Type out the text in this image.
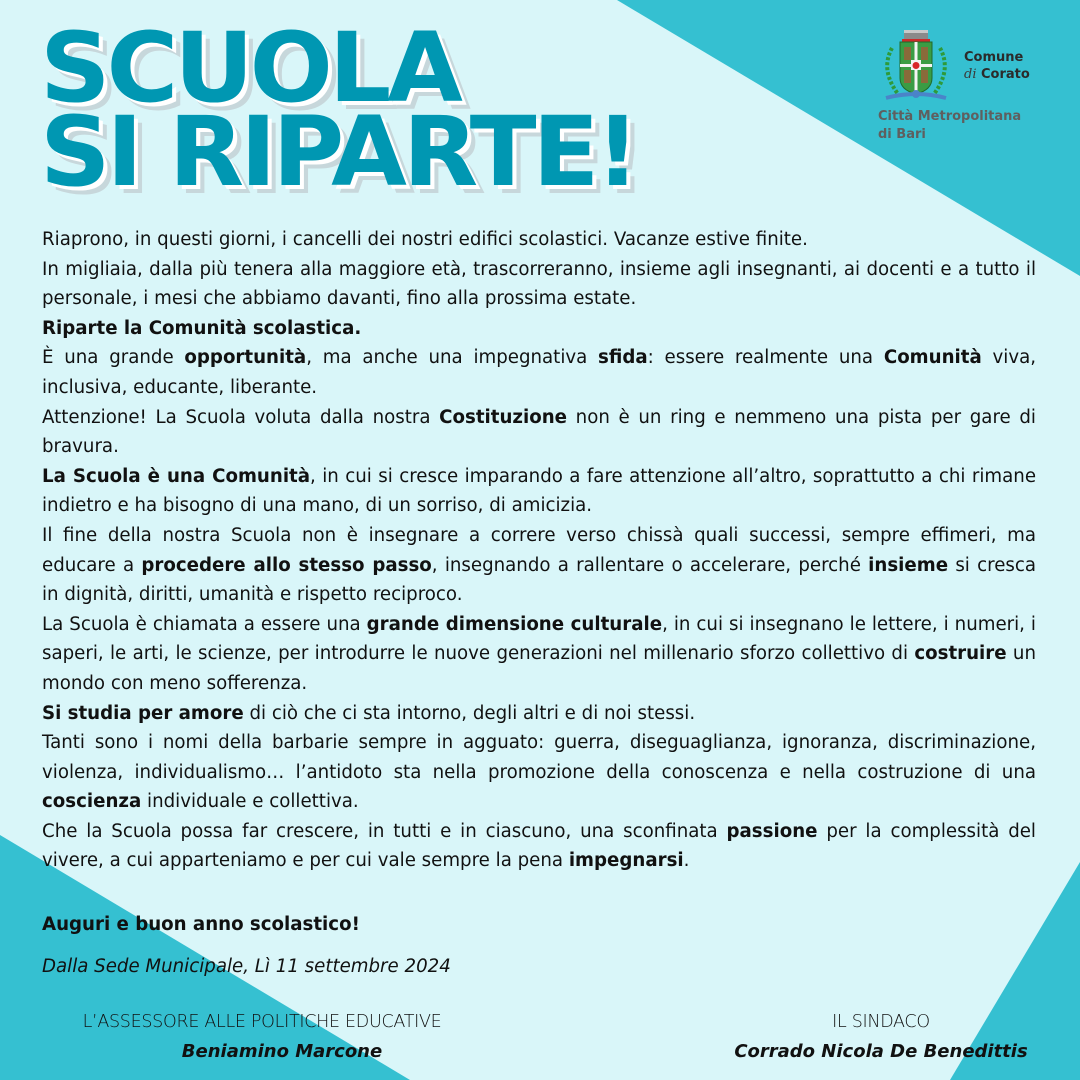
SCUOLA
SI RIPARTE!
Comune
di Corato
Città Metropolitana
di Bari

Riaprono, in questi giorni, i cancelli dei nostri edifici scolastici. Vacanze estive finite.

In migliaia, dalla più tenera alla maggiore età, trascorreranno, insieme agli insegnanti, ai docenti e a tutto il personale, i mesi che abbiamo davanti, fino alla prossima estate.

Riparte la Comunità scolastica.

È una grande opportunità, ma anche una impegnativa sfida: essere realmente una Comunità viva, inclusiva, educante, liberante.

Attenzione! La Scuola voluta dalla nostra Costituzione non è un ring e nemmeno una pista per gare di bravura.

La Scuola è una Comunità, in cui si cresce imparando a fare attenzione all’altro, soprattutto a chi rimane indietro e ha bisogno di una mano, di un sorriso, di amicizia.

Il fine della nostra Scuola non è insegnare a correre verso chissà quali successi, sempre effimeri, ma educare a procedere allo stesso passo, insegnando a rallentare o accelerare, perché insieme si cresca in dignità, diritti, umanità e rispetto reciproco.

La Scuola è chiamata a essere una grande dimensione culturale, in cui si insegnano le lettere, i numeri, i saperi, le arti, le scienze, per introdurre le nuove generazioni nel millenario sforzo collettivo di costruire un mondo con meno sofferenza.

Si studia per amore di ciò che ci sta intorno, degli altri e di noi stessi.

Tanti sono i nomi della barbarie sempre in agguato: guerra, diseguaglianza, ignoranza, discriminazione, violenza, individualismo… l’antidoto sta nella promozione della conoscenza e nella costruzione di una coscienza individuale e collettiva.

Che la Scuola possa far crescere, in tutti e in ciascuno, una sconfinata passione per la complessità del vivere, a cui apparteniamo e per cui vale sempre la pena impegnarsi.

Auguri e buon anno scolastico!

Dalla Sede Municipale, Lì 11 settembre 2024

L’ASSESSORE ALLE POLITICHE EDUCATIVE
Beniamino Marcone
IL SINDACO
Corrado Nicola De Benedittis
